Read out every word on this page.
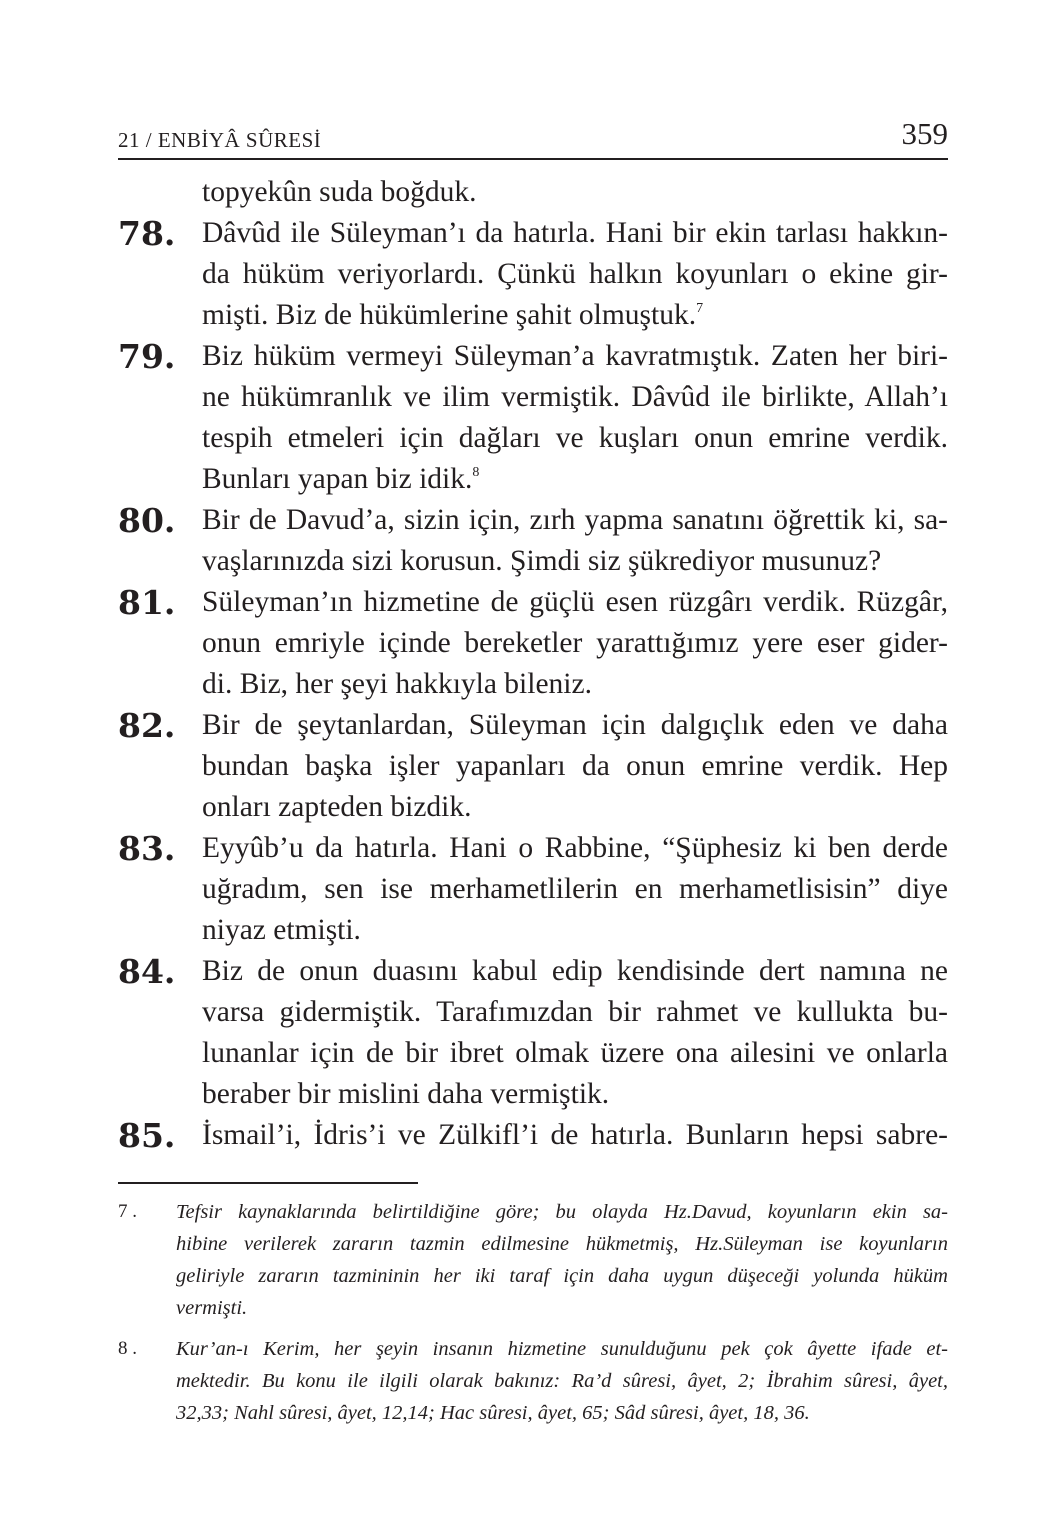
21 / ENBİYÂ SÛRESİ	359
topyekûn suda boğduk.
78. Dâvûd ile Süleyman’ı da hatırla. Hani bir ekin tarlası hakkın-
da hüküm veriyorlardı. Çünkü halkın koyunları o ekine gir-
mişti. Biz de hükümlerine şahit olmuştuk.$^7$
79. Biz hüküm vermeyi Süleyman’a kavratmıştık. Zaten her biri-
ne hükümranlık ve ilim vermiştik. Dâvûd ile birlikte, Allah’ı
tespih etmeleri için dağları ve kuşları onun emrine verdik.
Bunları yapan biz idik.$^8$
80. Bir de Davud’a, sizin için, zırh yapma sanatını öğrettik ki, sa-
vaşlarınızda sizi korusun. Şimdi siz şükrediyor musunuz?
81. Süleyman’ın hizmetine de güçlü esen rüzgârı verdik. Rüzgâr,
onun emriyle içinde bereketler yarattığımız yere eser gider-
di. Biz, her şeyi hakkıyla bileniz.
82. Bir de şeytanlardan, Süleyman için dalgıçlık eden ve daha
bundan başka işler yapanları da onun emrine verdik. Hep
onları zapteden bizdik.
83. Eyyûb’u da hatırla. Hani o Rabbine, “Şüphesiz ki ben derde
uğradım, sen ise merhametlilerin en merhametlisisin” diye
niyaz etmişti.
84. Biz de onun duasını kabul edip kendisinde dert namına ne
varsa gidermiştik. Tarafımızdan bir rahmet ve kullukta bu-
lunanlar için de bir ibret olmak üzere ona ailesini ve onlarla
beraber bir mislini daha vermiştik.
85. İsmail’i, İdris’i ve Zülkifl’i de hatırla. Bunların hepsi sabre-
7 .	Tefsir kaynaklarında belirtildiğine göre; bu olayda Hz.Davud, koyunların ekin sa-
hibine verilerek zararın tazmin edilmesine hükmetmiş, Hz.Süleyman ise koyunların
geliriyle zararın tazmininin her iki taraf için daha uygun düşeceği yolunda hüküm
vermişti.
8 .	Kur’an-ı Kerim, her şeyin insanın hizmetine sunulduğunu pek çok âyette ifade et-
mektedir. Bu konu ile ilgili olarak bakınız: Ra’d sûresi, âyet, 2; İbrahim sûresi, âyet,
32,33; Nahl sûresi, âyet, 12,14; Hac sûresi, âyet, 65; Sâd sûresi, âyet, 18, 36.
